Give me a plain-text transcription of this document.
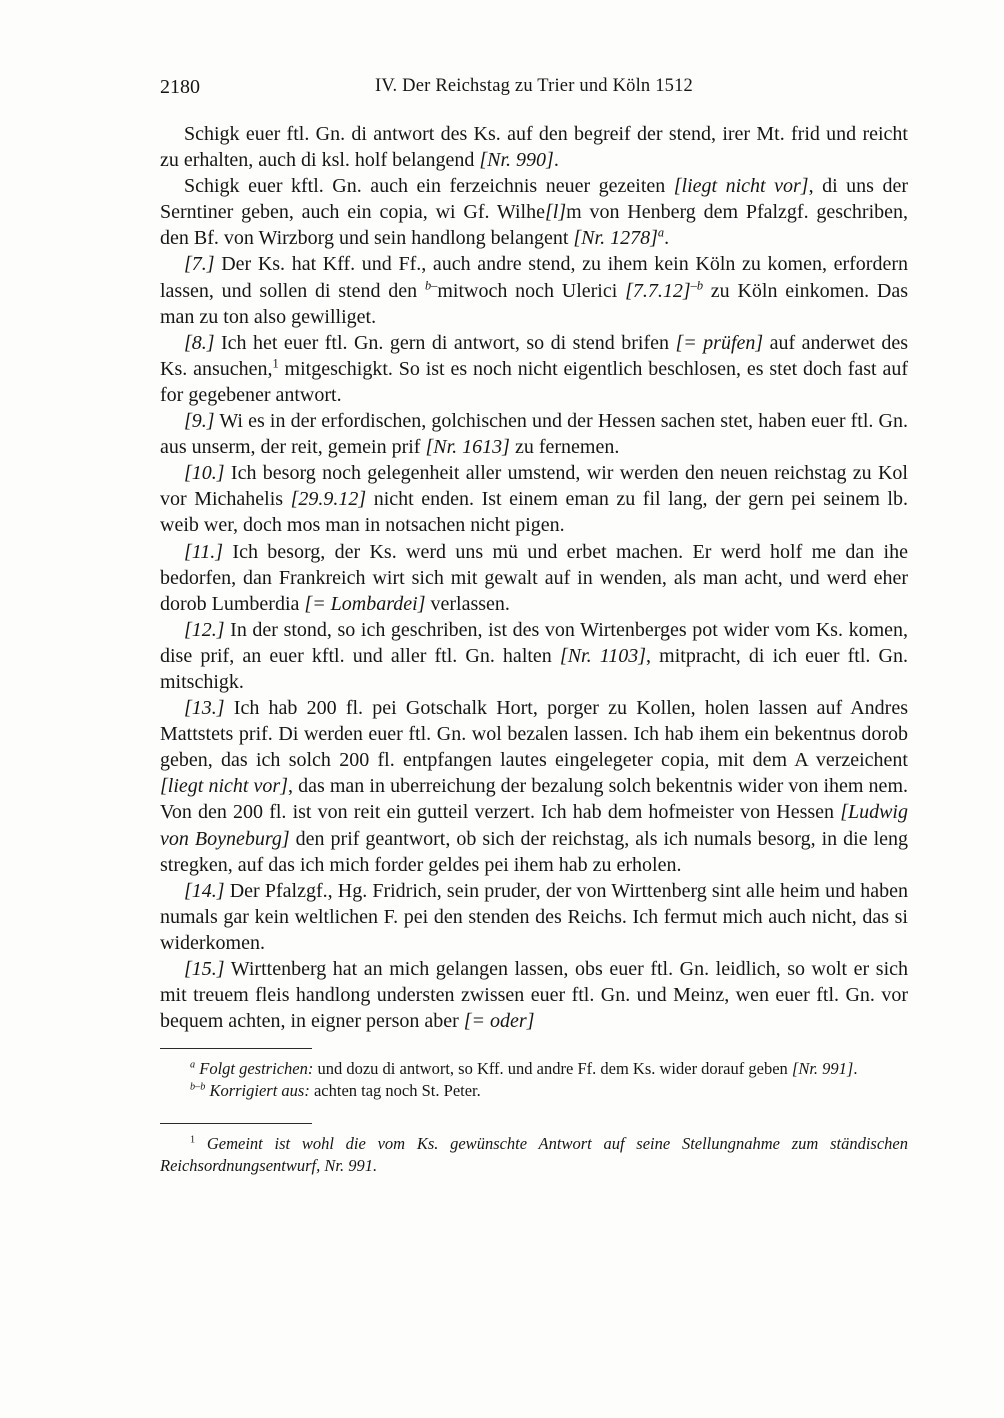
2180	IV. Der Reichstag zu Trier und Köln 1512

Schigk euer ftl. Gn. di antwort des Ks. auf den begreif der stend, irer Mt. frid und reicht zu erhalten, auch di ksl. holf belangend [Nr. 990].

Schigk euer kftl. Gn. auch ein ferzeichnis neuer gezeiten [liegt nicht vor], di uns der Serntiner geben, auch ein copia, wi Gf. Wilhe[l]m von Henberg dem Pfalzgf. geschriben, den Bf. von Wirzborg und sein handlong belangent [Nr. 1278]$^a$.

[7.] Der Ks. hat Kff. und Ff., auch andre stend, zu ihem kein Köln zu komen, erfordern lassen, und sollen di stend den $^{b-}$mitwoch noch Ulerici $[7.7.12]^{-b}$ zu Köln einkomen. Das man zu ton also gewilliget.

[8.] Ich het euer ftl. Gn. gern di antwort, so di stend brifen [= prüfen] auf anderwet des Ks. ansuchen,$^1$ mitgeschigkt. So ist es noch nicht eigentlich beschlosen, es stet doch fast auf for gegebener antwort.

[9.] Wi es in der erfordischen, golchischen und der Hessen sachen stet, haben euer ftl. Gn. aus unserm, der reit, gemein prif [Nr. 1613] zu fernemen.

[10.] Ich besorg noch gelegenheit aller umstend, wir werden den neuen reichstag zu Kol vor Michahelis [29.9.12] nicht enden. Ist einem eman zu fil lang, der gern pei seinem lb. weib wer, doch mos man in notsachen nicht pigen.

[11.] Ich besorg, der Ks. werd uns mü und erbet machen. Er werd holf me dan ihe bedorfen, dan Frankreich wirt sich mit gewalt auf in wenden, als man acht, und werd eher dorob Lumberdia [= Lombardei] verlassen.

[12.] In der stond, so ich geschriben, ist des von Wirtenberges pot wider vom Ks. komen, dise prif, an euer kftl. und aller ftl. Gn. halten [Nr. 1103], mitpracht, di ich euer ftl. Gn. mitschigk.

[13.] Ich hab 200 fl. pei Gotschalk Hort, porger zu Kollen, holen lassen auf Andres Mattstets prif. Di werden euer ftl. Gn. wol bezalen lassen. Ich hab ihem ein bekentnus dorob geben, das ich solch 200 fl. entpfangen lautes eingelegeter copia, mit dem A verzeichent [liegt nicht vor], das man in uberreichung der bezalung solch bekentnis wider von ihem nem. Von den 200 fl. ist von reit ein gutteil verzert. Ich hab dem hofmeister von Hessen [Ludwig von Boyneburg] den prif geantwort, ob sich der reichstag, als ich numals besorg, in die leng stregken, auf das ich mich forder geldes pei ihem hab zu erholen.

[14.] Der Pfalzgf., Hg. Fridrich, sein pruder, der von Wirttenberg sint alle heim und haben numals gar kein weltlichen F. pei den stenden des Reichs. Ich fermut mich auch nicht, das si widerkomen.

[15.] Wirttenberg hat an mich gelangen lassen, obs euer ftl. Gn. leidlich, so wolt er sich mit treuem fleis handlong understen zwissen euer ftl. Gn. und Meinz, wen euer ftl. Gn. vor bequem achten, in eigner person aber [= oder]

$^a$ Folgt gestrichen: und dozu di antwort, so Kff. und andre Ff. dem Ks. wider dorauf geben [Nr. 991].

$^{b-b}$ Korrigiert aus: achten tag noch St. Peter.

$^1$ Gemeint ist wohl die vom Ks. gewünschte Antwort auf seine Stellungnahme zum ständischen Reichsordnungsentwurf, Nr. 991.
